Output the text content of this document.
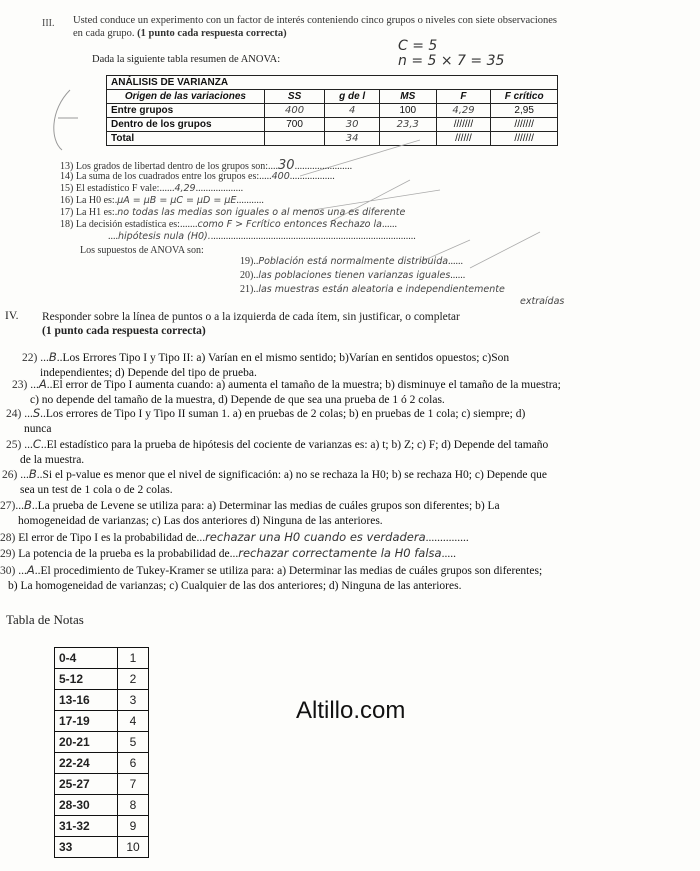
III. Usted conduce un experimento con un factor de interés conteniendo cinco grupos o niveles con siete observaciones
en cada grupo. (1 punto cada respuesta correcta)
C = 5
n = 5 × 7 = 35
Dada la siguiente tabla resumen de ANOVA:
ANÁLISIS DE VARIANZA					
Origen de las variaciones	SS	g de l	MS	F	F crítico
Entre grupos	400	4	100	4,29	2,95
Dentro de los grupos	700	30	23,3	///////	///////
Total		34		//////	///////
13) Los grados de libertad dentro de los grupos son:....30.......................
14) La suma de los cuadrados entre los grupos es:.....400..................
15) El estadístico F vale:......4,29...................
16) La H0 es:.μA = μB = μC = μD = μE...........
17) La H1 es:.no todas las medias son iguales o al menos una es diferente
18) La decisión estadística es:.......como F > Fcrítico entonces Rechazo la......
....hipótesis nula (H0)...................................................................................
Los supuestos de ANOVA son:
19)..Población está normalmente distribuida......
20)..las poblaciones tienen varianzas iguales......
21)..las muestras están aleatoria e independientemente
extraídas
IV. Responder sobre la línea de puntos o a la izquierda de cada ítem, sin justificar, o completar
(1 punto cada respuesta correcta)
22) ...B..Los Errores Tipo I y Tipo II: a) Varían en el mismo sentido; b)Varían en sentidos opuestos; c)Son
independientes; d) Depende del tipo de prueba.
23) ...A..El error de Tipo I aumenta cuando: a) aumenta el tamaño de la muestra; b) disminuye el tamaño de la muestra;
c) no depende del tamaño de la muestra, d) Depende de que sea una prueba de 1 ó 2 colas.
24) ...S..Los errores de Tipo I y Tipo II suman 1. a) en pruebas de 2 colas; b) en pruebas de 1 cola; c) siempre; d)
nunca
25) ...C..El estadístico para la prueba de hipótesis del cociente de varianzas es: a) t; b) Z; c) F; d) Depende del tamaño
de la muestra.
26) ...B..Si el p-value es menor que el nivel de significación: a) no se rechaza la H0; b) se rechaza H0; c) Depende que
sea un test de 1 cola o de 2 colas.
27)...B..La prueba de Levene se utiliza para: a) Determinar las medias de cuáles grupos son diferentes; b) La
homogeneidad de varianzas; c) Las dos anteriores d) Ninguna de las anteriores.
28) El error de Tipo I es la probabilidad de...rechazar una H0 cuando es verdadera...............
29) La potencia de la prueba es la probabilidad de...rechazar correctamente la H0 falsa.....
30) ...A..El procedimiento de Tukey-Kramer se utiliza para: a) Determinar las medias de cuáles grupos son diferentes;
b) La homogeneidad de varianzas; c) Cualquier de las dos anteriores; d) Ninguna de las anteriores.
Tabla de Notas
0-4	1
5-12	2
13-16	3
17-19	4
20-21	5
22-24	6
25-27	7
28-30	8
31-32	9
33	10
Altillo.com
